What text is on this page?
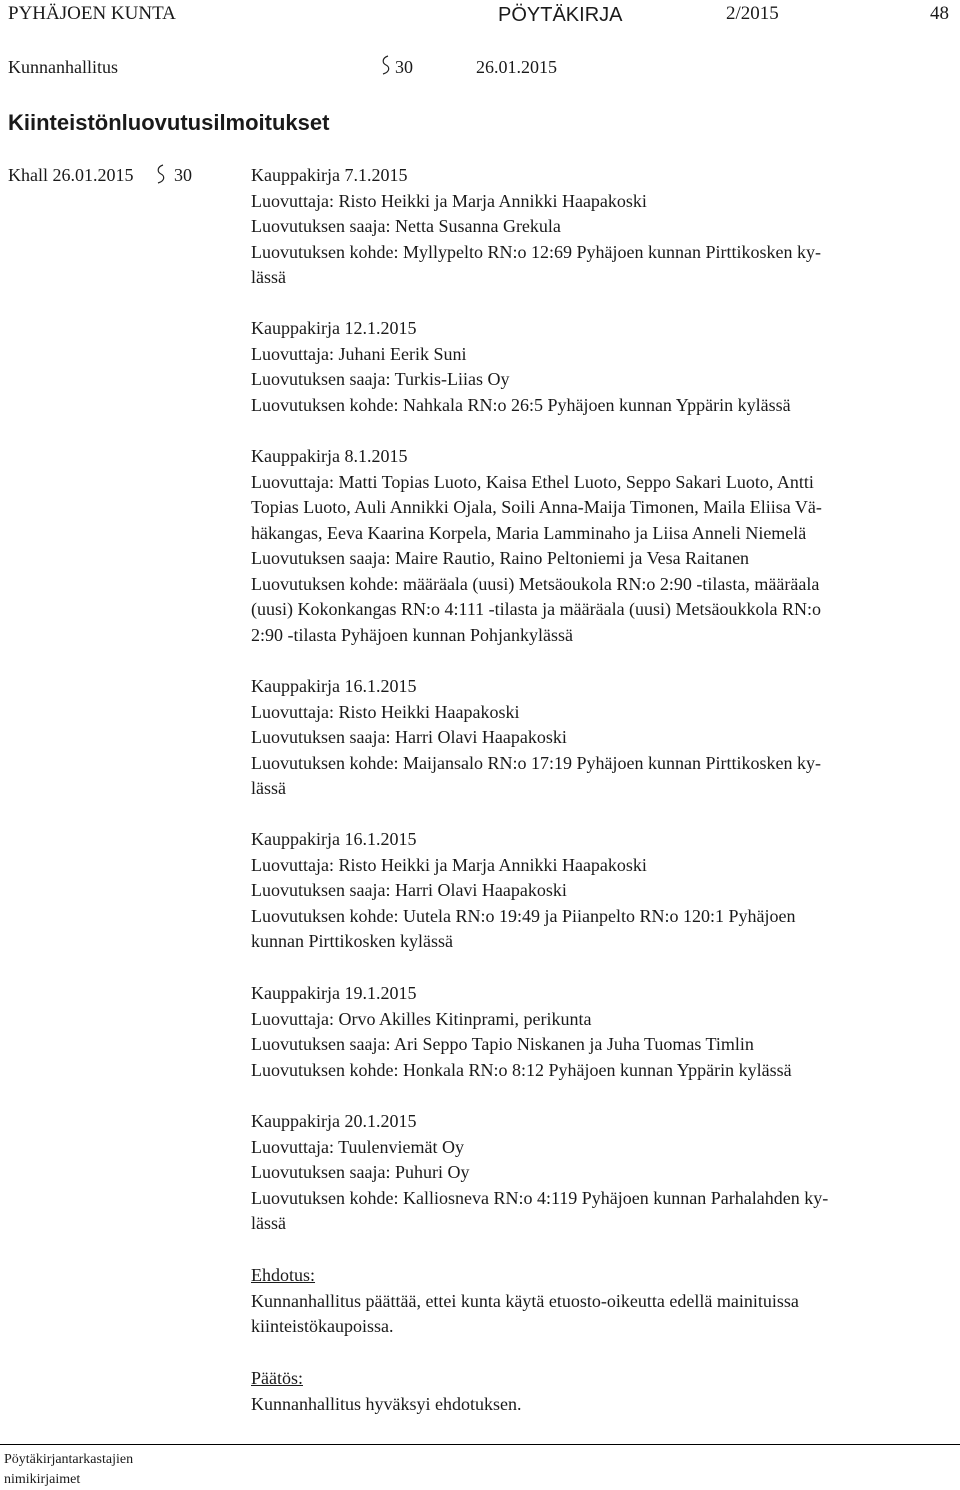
PYHÄJOEN KUNTA	PÖYTÄKIRJA	2/2015	48
Kunnanhallitus	30	26.01.2015
Kiinteistönluovutusilmoitukset
Khall 26.01.2015 30	Kauppakirja 7.1.2015
Luovuttaja: Risto Heikki ja Marja Annikki Haapakoski
Luovutuksen saaja: Netta Susanna Grekula
Luovutuksen kohde: Myllypelto RN:o 12:69 Pyhäjoen kunnan Pirttikosken ky-
lässä
Kauppakirja 12.1.2015
Luovuttaja: Juhani Eerik Suni
Luovutuksen saaja: Turkis-Liias Oy
Luovutuksen kohde: Nahkala RN:o 26:5 Pyhäjoen kunnan Yppärin kylässä
Kauppakirja 8.1.2015
Luovuttaja: Matti Topias Luoto, Kaisa Ethel Luoto, Seppo Sakari Luoto, Antti
Topias Luoto, Auli Annikki Ojala, Soili Anna-Maija Timonen, Maila Eliisa Vä-
häkangas, Eeva Kaarina Korpela, Maria Lamminaho ja Liisa Anneli Niemelä
Luovutuksen saaja: Maire Rautio, Raino Peltoniemi ja Vesa Raitanen
Luovutuksen kohde: määräala (uusi) Metsäoukola RN:o 2:90 -tilasta, määräala
(uusi) Kokonkangas RN:o 4:111 -tilasta ja määräala (uusi) Metsäoukkola RN:o
2:90 -tilasta Pyhäjoen kunnan Pohjankylässä
Kauppakirja 16.1.2015
Luovuttaja: Risto Heikki Haapakoski
Luovutuksen saaja: Harri Olavi Haapakoski
Luovutuksen kohde: Maijansalo RN:o 17:19 Pyhäjoen kunnan Pirttikosken ky-
lässä
Kauppakirja 16.1.2015
Luovuttaja: Risto Heikki ja Marja Annikki Haapakoski
Luovutuksen saaja: Harri Olavi Haapakoski
Luovutuksen kohde: Uutela RN:o 19:49 ja Piianpelto RN:o 120:1 Pyhäjoen
kunnan Pirttikosken kylässä
Kauppakirja 19.1.2015
Luovuttaja: Orvo Akilles Kitinprami, perikunta
Luovutuksen saaja: Ari Seppo Tapio Niskanen ja Juha Tuomas Timlin
Luovutuksen kohde: Honkala RN:o 8:12 Pyhäjoen kunnan Yppärin kylässä
Kauppakirja 20.1.2015
Luovuttaja: Tuulenviemät Oy
Luovutuksen saaja: Puhuri Oy
Luovutuksen kohde: Kalliosneva RN:o 4:119 Pyhäjoen kunnan Parhalahden ky-
lässä
Ehdotus:
Kunnanhallitus päättää, ettei kunta käytä etuosto-oikeutta edellä mainituissa
kiinteistökaupoissa.
Päätös:
Kunnanhallitus hyväksyi ehdotuksen.
Pöytäkirjantarkastajien
nimikirjaimet
